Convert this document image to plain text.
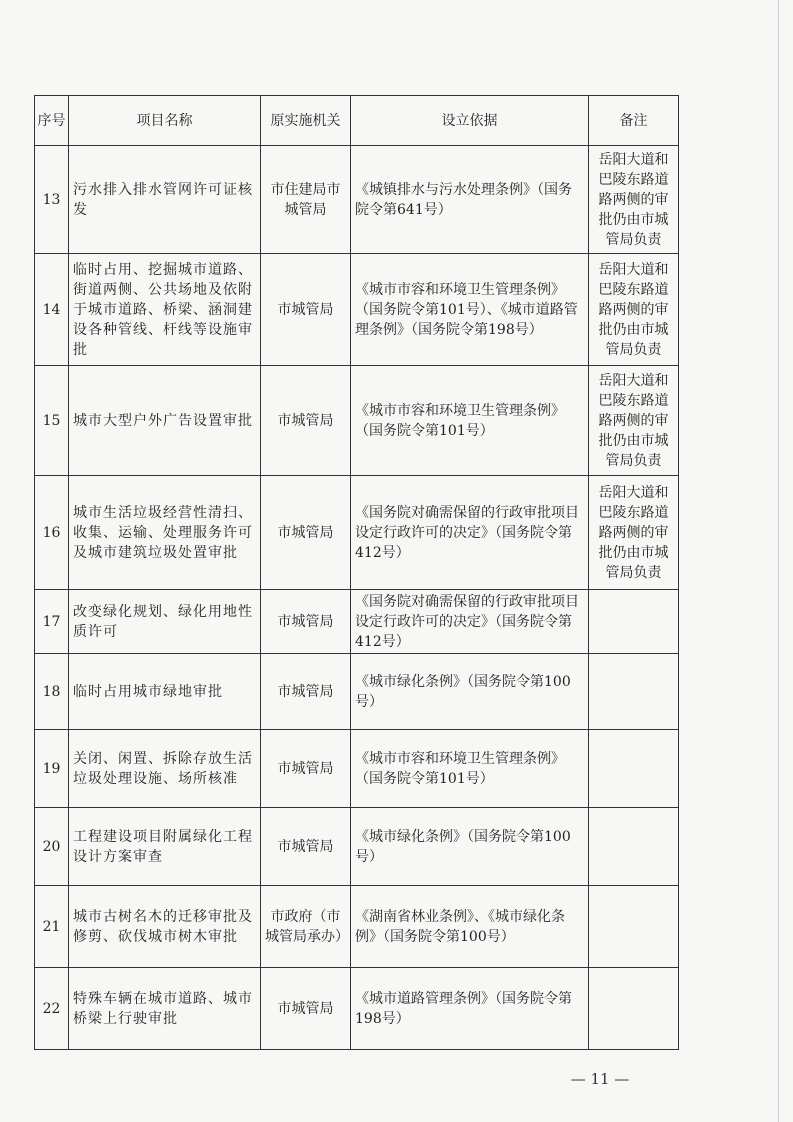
序号	项目名称	原实施机关	设立依据	备注
13	污水排入排水管网许可证核发	市住建局市城管局	《城镇排水与污水处理条例》（国务院令第641号）	岳阳大道和巴陵东路道路两侧的审批仍由市城管局负责
14	临时占用、挖掘城市道路、街道两侧、公共场地及依附于城市道路、桥梁、涵洞建设各种管线、杆线等设施审批	市城管局	《城市市容和环境卫生管理条例》（国务院令第101号）、《城市道路管理条例》（国务院令第198号）	岳阳大道和巴陵东路道路两侧的审批仍由市城管局负责
15	城市大型户外广告设置审批	市城管局	《城市市容和环境卫生管理条例》（国务院令第101号）	岳阳大道和巴陵东路道路两侧的审批仍由市城管局负责
16	城市生活垃圾经营性清扫、收集、运输、处理服务许可及城市建筑垃圾处置审批	市城管局	《国务院对确需保留的行政审批项目设定行政许可的决定》（国务院令第412号）	岳阳大道和巴陵东路道路两侧的审批仍由市城管局负责
17	改变绿化规划、绿化用地性质许可	市城管局	《国务院对确需保留的行政审批项目设定行政许可的决定》（国务院令第412号）	
18	临时占用城市绿地审批	市城管局	《城市绿化条例》（国务院令第100号）	
19	关闭、闲置、拆除存放生活垃圾处理设施、场所核准	市城管局	《城市市容和环境卫生管理条例》（国务院令第101号）	
20	工程建设项目附属绿化工程设计方案审查	市城管局	《城市绿化条例》（国务院令第100号）	
21	城市古树名木的迁移审批及修剪、砍伐城市树木审批	市政府（市城管局承办）	《湖南省林业条例》、《城市绿化条例》（国务院令第100号）	
22	特殊车辆在城市道路、城市桥梁上行驶审批	市城管局	《城市道路管理条例》（国务院令第198号）	
— 11 —
